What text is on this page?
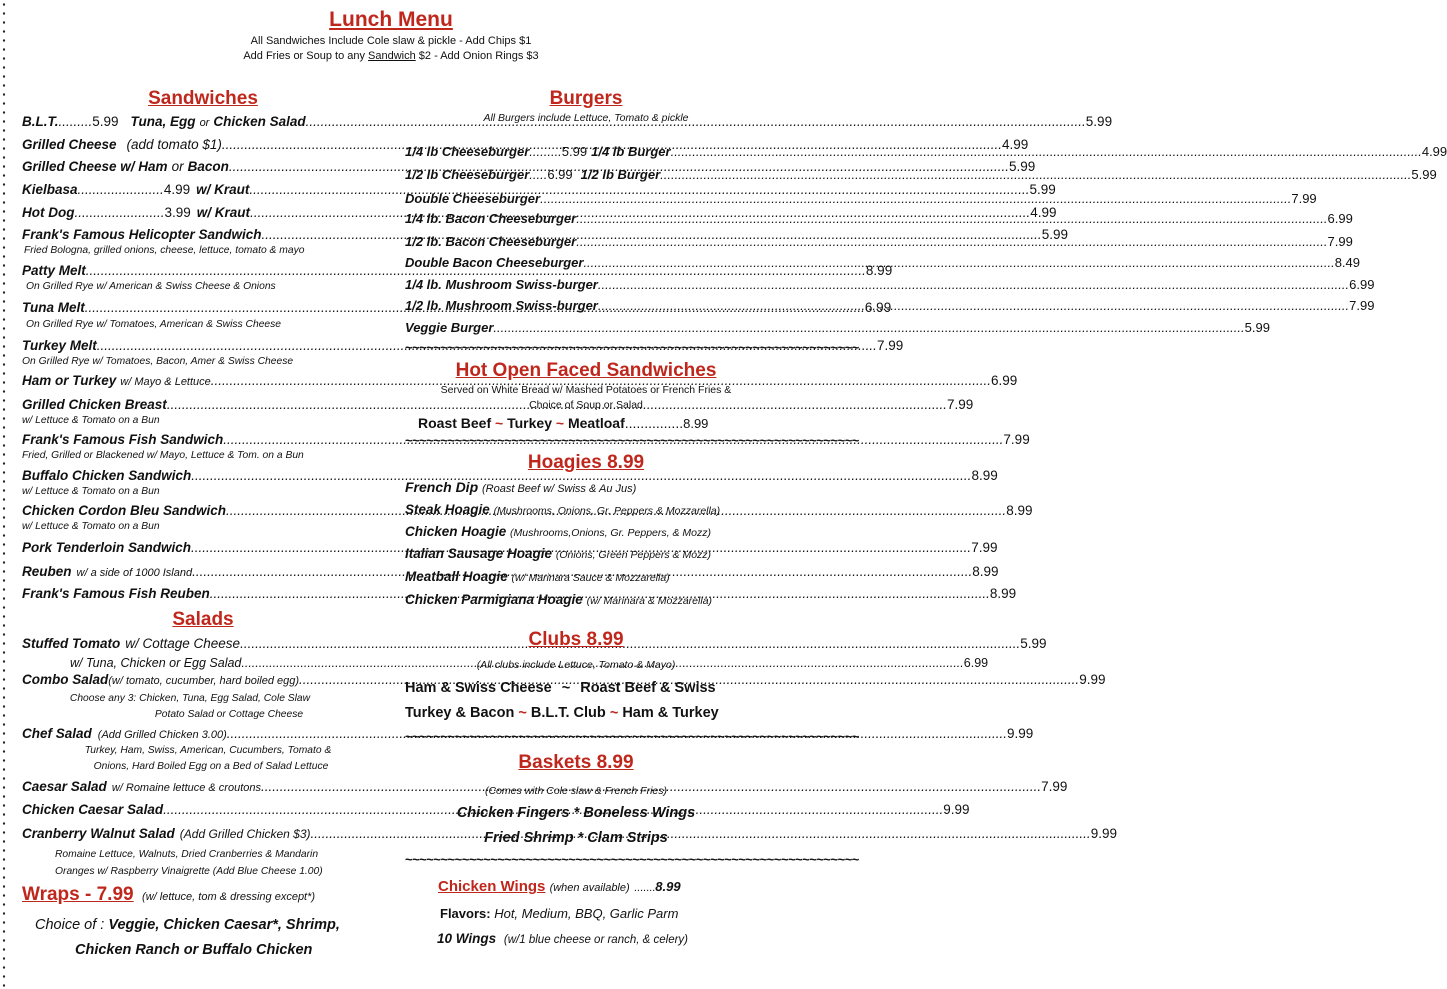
Lunch Menu
All Sandwiches Include Cole slaw & pickle - Add Chips $1
Add Fries or Soup to any Sandwich $2 - Add Onion Rings $3
Sandwiches
B.L.T. ......... 5.99 Tuna, Egg or Chicken Salad .....	5.99
Grilled Cheese (add tomato $1) .....	4.99
Grilled Cheese w/ Ham or Bacon .....	5.99
Kielbasa ....................... 4.99 w/ Kraut .....	5.99
Hot Dog ........................ 3.99 w/ Kraut .....	4.99
Frank's Famous Helicopter Sandwich .....	5.99
Fried Bologna, grilled onions, cheese, lettuce, tomato & mayo
Patty Melt .....	8.99
On Grilled Rye w/ American & Swiss Cheese & Onions
Tuna Melt .....	6.99
On Grilled Rye w/ Tomatoes, American & Swiss Cheese
Turkey Melt .....	7.99
On Grilled Rye w/ Tomatoes, Bacon, Amer & Swiss Cheese
Ham or Turkey w/ Mayo & Lettuce .....	6.99
Grilled Chicken Breast .....	7.99
w/ Lettuce & Tomato on a Bun
Frank's Famous Fish Sandwich .....	7.99
Fried, Grilled or Blackened w/ Mayo, Lettuce & Tom. on a Bun
Buffalo Chicken Sandwich .....	8.99
w/ Lettuce & Tomato on a Bun
Chicken Cordon Bleu Sandwich .....	8.99
w/ Lettuce & Tomato on a Bun
Pork Tenderloin Sandwich .....	7.99
Reuben w/ a side of 1000 Island .....	8.99
Frank's Famous Fish Reuben .....	8.99
Salads
Stuffed Tomato w/ Cottage Cheese .....	5.99
w/ Tuna, Chicken or Egg Salad .....	6.99
Combo Salad (w/ tomato, cucumber, hard boiled egg) .....	9.99
Choose any 3: Chicken, Tuna, Egg Salad, Cole Slaw
Potato Salad or Cottage Cheese
Chef Salad (Add Grilled Chicken 3.00) .....	9.99
Turkey, Ham, Swiss, American, Cucumbers, Tomato &
Onions, Hard Boiled Egg on a Bed of Salad Lettuce
Caesar Salad w/ Romaine lettuce & croutons .....	7.99
Chicken Caesar Salad .....	9.99
Cranberry Walnut Salad (Add Grilled Chicken $3) .....	9.99
Romaine Lettuce, Walnuts, Dried Cranberries & Mandarin
Oranges w/ Raspberry Vinaigrette (Add Blue Cheese 1.00)
Wraps - 7.99 (w/ lettuce, tom & dressing except*)
Choice of : Veggie, Chicken Caesar*, Shrimp,
Chicken Ranch or Buffalo Chicken
Burgers
All Burgers include Lettuce, Tomato & pickle
1/4 lb Cheeseburger ......... 5.99 1/4 lb Burger .....	4.99
1/2 lb Cheeseburger ..... 6.99 1/2 lb Burger .....	5.99
Double Cheeseburger .....	7.99
1/4 lb. Bacon Cheeseburger .....	6.99
1/2 lb. Bacon Cheeseburger .....	7.99
Double Bacon Cheeseburger .....	8.49
1/4 lb. Mushroom Swiss-burger .....	6.99
1/2 lb. Mushroom Swiss-burger .....	7.99
Veggie Burger .....	5.99
~~~~~~~~~~~~~~~~~~~~~~~~~~~~~~~~~~~~~~~~~~~~~~~~~~~~~~~~~~~~~~~~
Hot Open Faced Sandwiches
Served on White Bread w/ Mashed Potatoes or French Fries &
Choice of Soup or Salad
Roast Beef ~ Turkey ~ Meatloaf...............8.99
~~~~~~~~~~~~~~~~~~~~~~~~~~~~~~~~~~~~~~~~~~~~~~~~~~~~~~~~~~~~~~~~
Hoagies 8.99
French Dip (Roast Beef w/ Swiss & Au Jus)
Steak Hoagie (Mushrooms, Onions, Gr. Peppers & Mozzarella)
Chicken Hoagie (Mushrooms,Onions, Gr. Peppers, & Mozz)
Italian Sausage Hoagie (Onions, Green Peppers & Mozz)
Meatball Hoagie (w/ Marinara Sauce & Mozzarella)
Chicken Parmigiana Hoagie (w/ Marinara & Mozzarella)
Clubs 8.99
(All clubs include Lettuce, Tomato & Mayo)
Ham & Swiss Cheese ~ Roast Beef & Swiss
Turkey & Bacon ~ B.L.T. Club ~ Ham & Turkey
~~~~~~~~~~~~~~~~~~~~~~~~~~~~~~~~~~~~~~~~~~~~~~~~~~~~~~~~~~~~~~~~
Baskets 8.99
(Comes with Cole slaw & French Fries)
Chicken Fingers * Boneless Wings
Fried Shrimp * Clam Strips
~~~~~~~~~~~~~~~~~~~~~~~~~~~~~~~~~~~~~~~~~~~~~~~~~~~~~~~~~~~~~~~~
Chicken Wings (when available) .......8.99
Flavors: Hot, Medium, BBQ, Garlic Parm
10 Wings (w/1 blue cheese or ranch, & celery)
